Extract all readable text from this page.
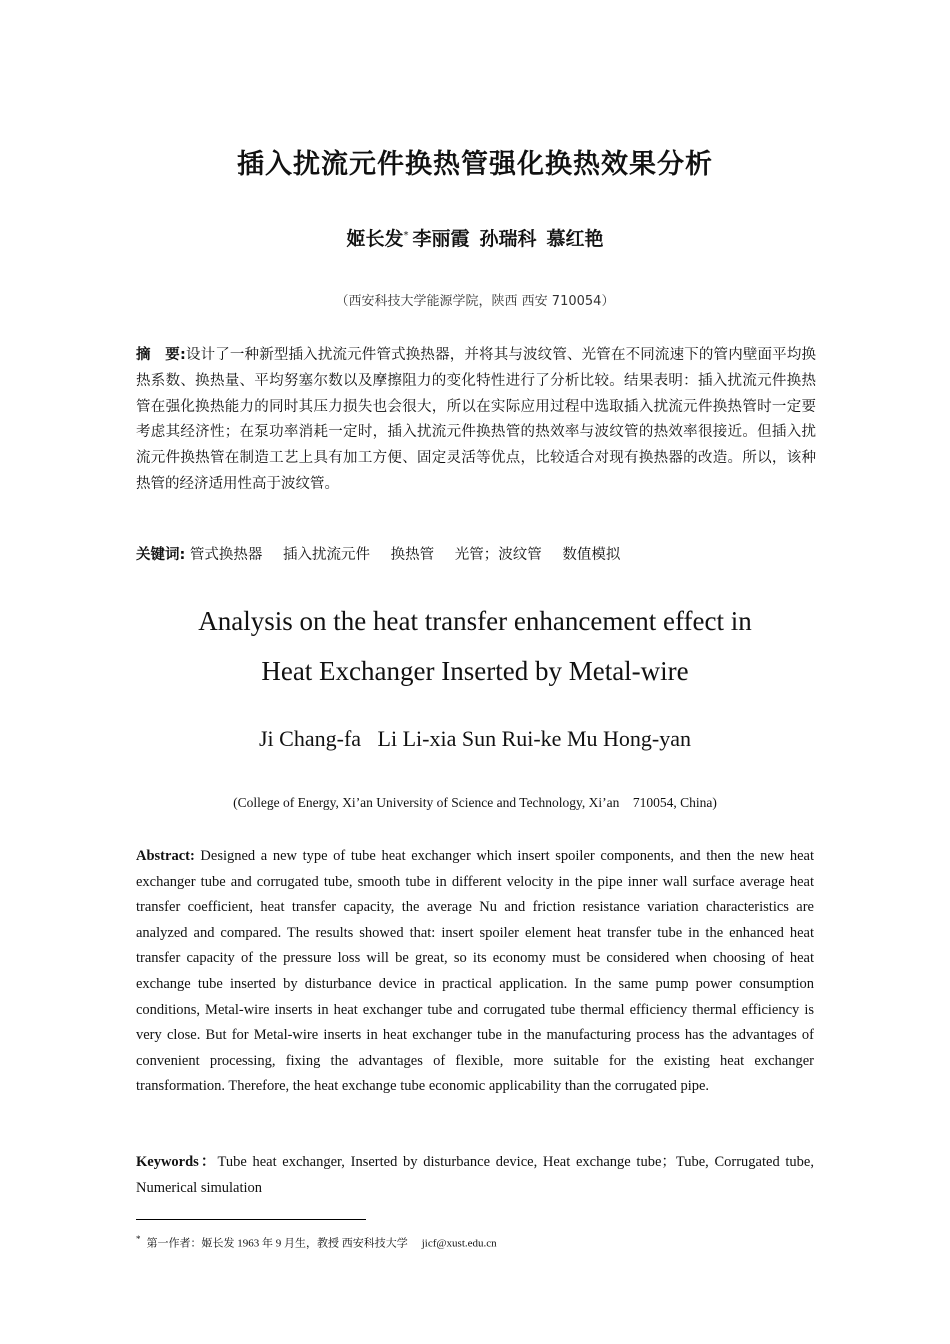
插入扰流元件换热管强化换热效果分析
姬长发* 李丽霞 孙瑞科 慕红艳
（西安科技大学能源学院，陕西 西安 710054）
摘　要:设计了一种新型插入扰流元件管式换热器，并将其与波纹管、光管在不同流速下的管内壁面平均换热系数、换热量、平均努塞尔数以及摩擦阻力的变化特性进行了分析比较。结果表明：插入扰流元件换热管在强化换热能力的同时其压力损失也会很大，所以在实际应用过程中选取插入扰流元件换热管时一定要考虑其经济性；在泵功率消耗一定时，插入扰流元件换热管的热效率与波纹管的热效率很接近。但插入扰流元件换热管在制造工艺上具有加工方便、固定灵活等优点，比较适合对现有换热器的改造。所以，该种热管的经济适用性高于波纹管。
关键词: 管式换热器 插入扰流元件 换热管 光管；波纹管 数值模拟
Analysis on the heat transfer enhancement effect in
Heat Exchanger Inserted by Metal-wire
Ji Chang-fa   Li Li-xia Sun Rui-ke Mu Hong-yan
(College of Energy, Xi’an University of Science and Technology, Xi’an    710054, China)
Abstract: Designed a new type of tube heat exchanger which insert spoiler components, and then the new heat exchanger tube and corrugated tube, smooth tube in different velocity in the pipe inner wall surface average heat transfer coefficient, heat transfer capacity, the average Nu and friction resistance variation characteristics are analyzed and compared. The results showed that: insert spoiler element heat transfer tube in the enhanced heat transfer capacity of the pressure loss will be great, so its economy must be considered when choosing of heat exchange tube inserted by disturbance device in practical application. In the same pump power consumption conditions, Metal-wire inserts in heat exchanger tube and corrugated tube thermal efficiency thermal efficiency is very close. But for Metal-wire inserts in heat exchanger tube in the manufacturing process has the advantages of convenient processing, fixing the advantages of flexible, more suitable for the existing heat exchanger transformation. Therefore, the heat exchange tube economic applicability than the corrugated pipe.
Keywords：Tube heat exchanger, Inserted by disturbance device, Heat exchange tube；Tube, Corrugated tube, Numerical simulation
* 第一作者：姬长发 1963 年 9 月生，教授 西安科技大学 jicf@xust.edu.cn
